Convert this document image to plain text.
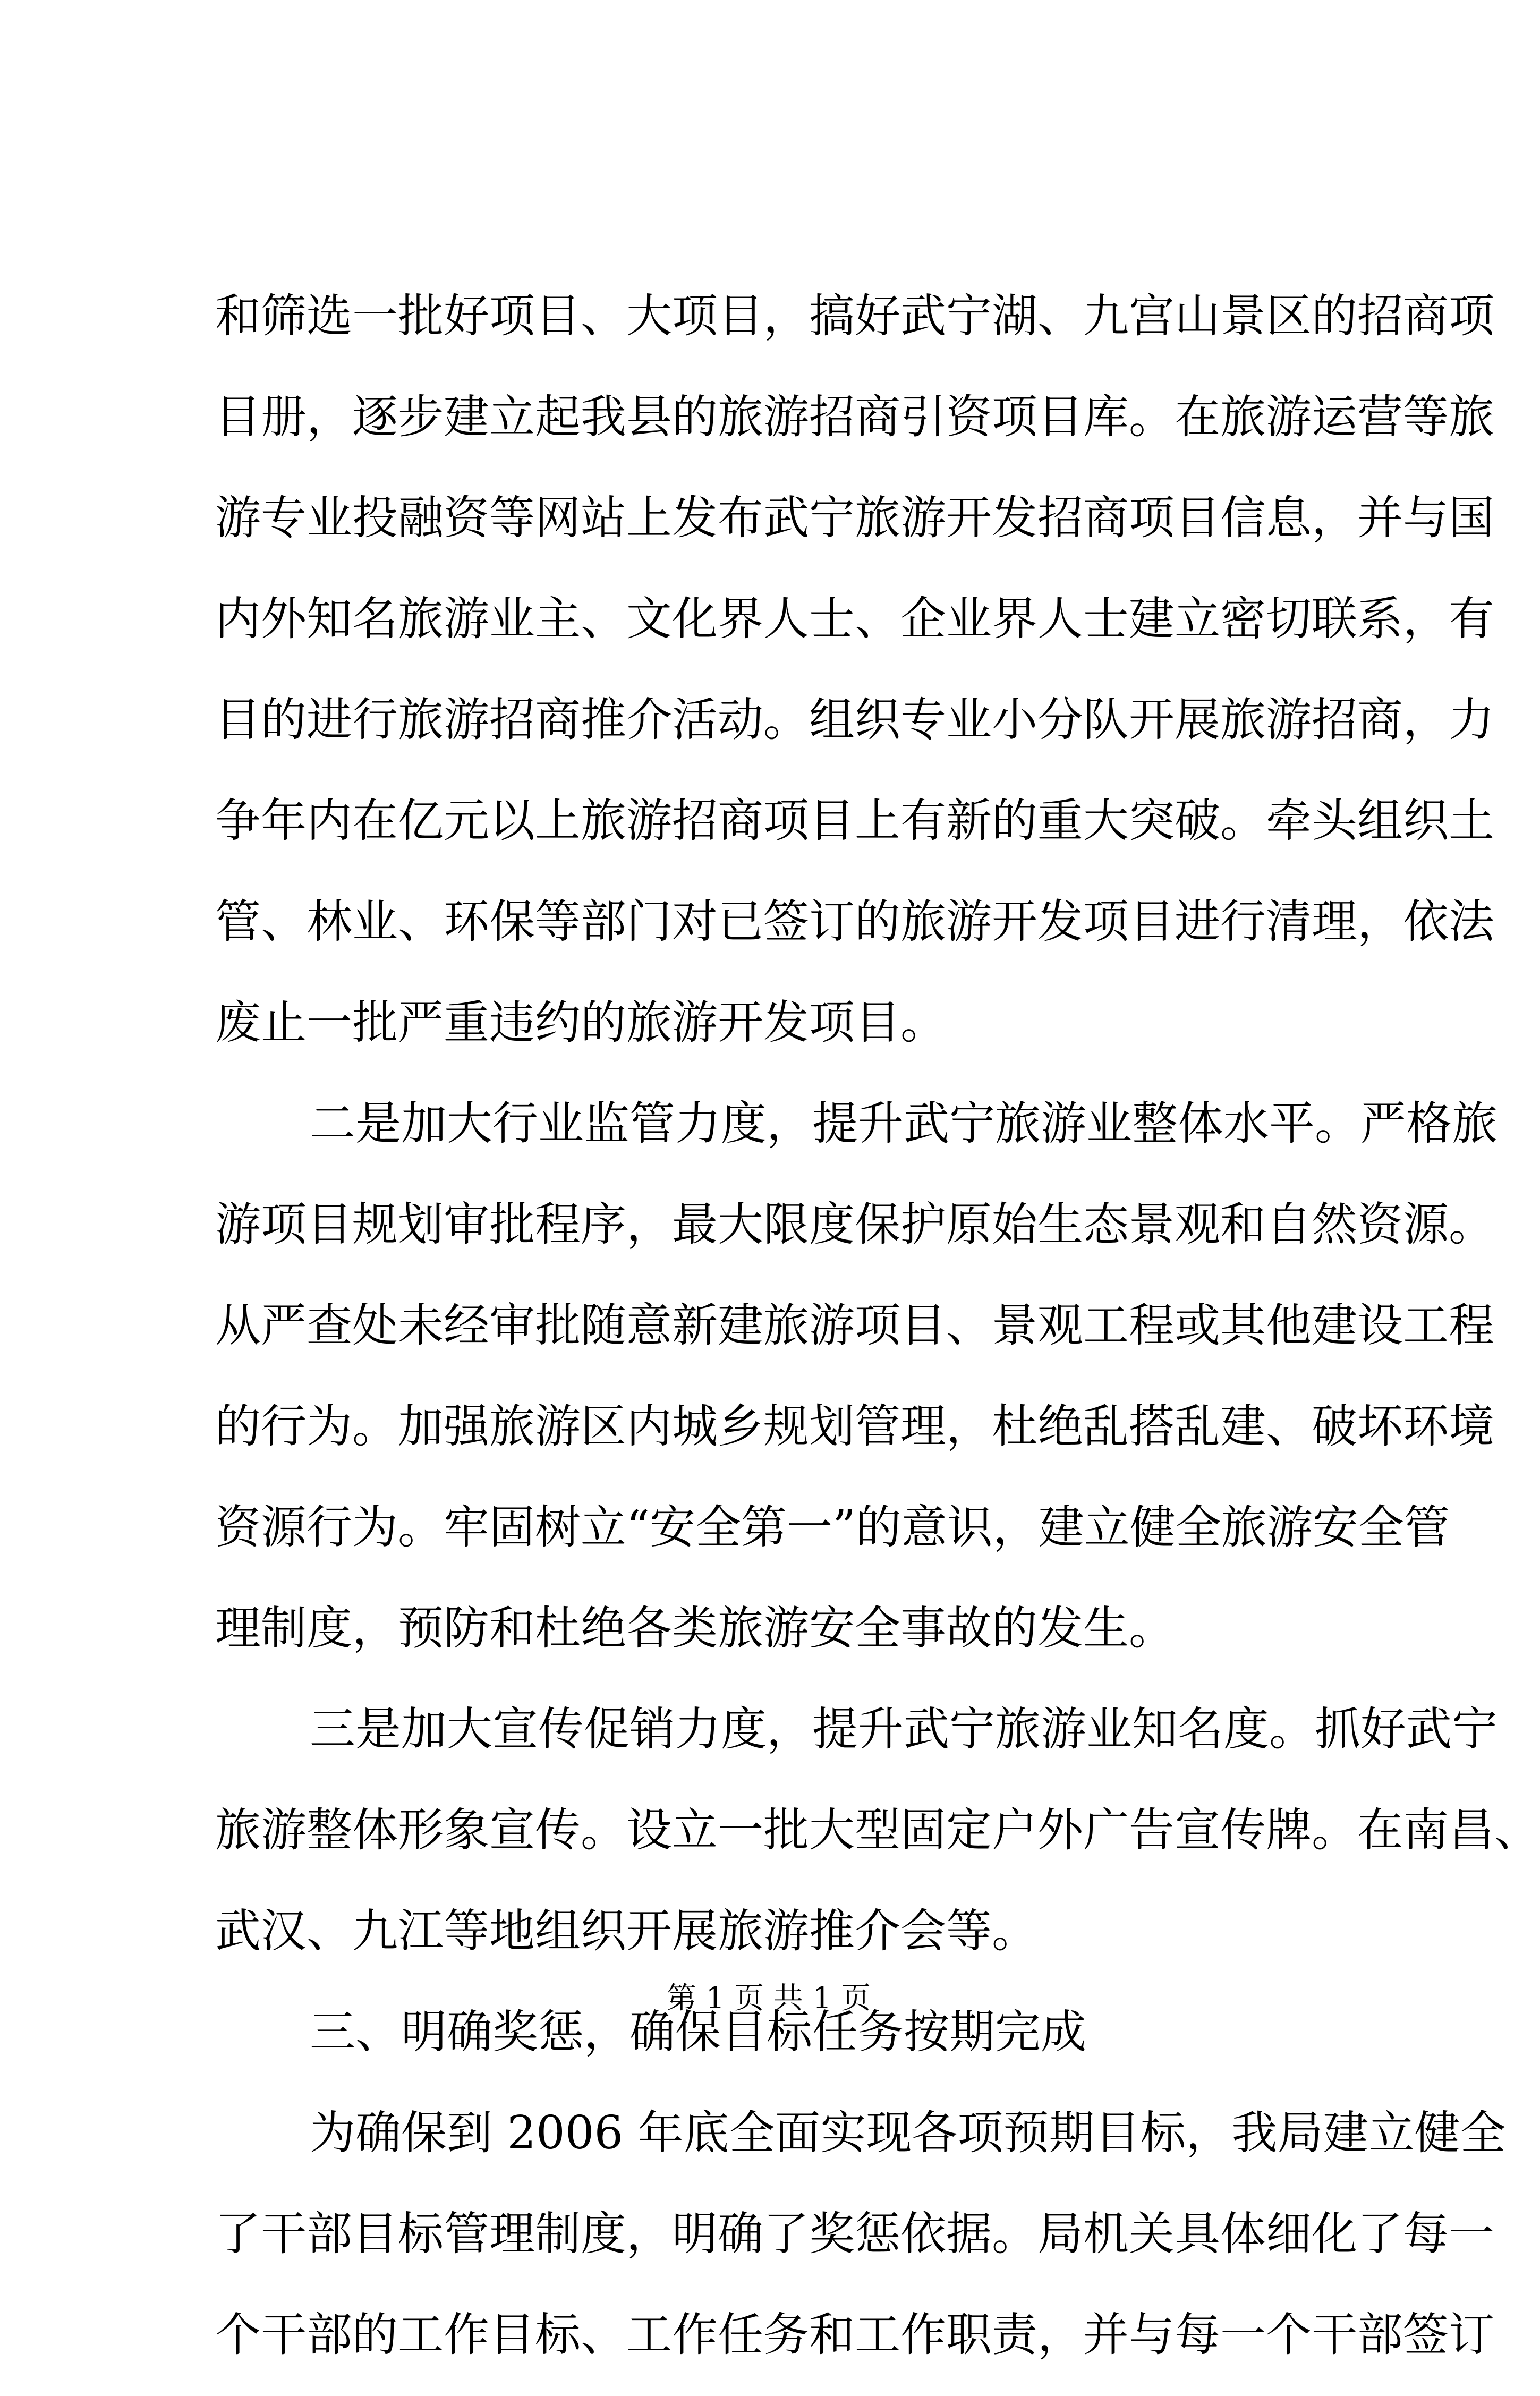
和筛选一批好项目、大项目，搞好武宁湖、九宫山景区的招商项
目册，逐步建立起我县的旅游招商引资项目库。在旅游运营等旅
游专业投融资等网站上发布武宁旅游开发招商项目信息，并与国
内外知名旅游业主、文化界人士、企业界人士建立密切联系，有
目的进行旅游招商推介活动。组织专业小分队开展旅游招商，力
争年内在亿元以上旅游招商项目上有新的重大突破。牵头组织土
管、林业、环保等部门对已签订的旅游开发项目进行清理，依法
废止一批严重违约的旅游开发项目。
二是加大行业监管力度，提升武宁旅游业整体水平。严格旅
游项目规划审批程序，最大限度保护原始生态景观和自然资源。
从严查处未经审批随意新建旅游项目、景观工程或其他建设工程
的行为。加强旅游区内城乡规划管理，杜绝乱搭乱建、破坏环境
资源行为。牢固树立“安全第一”的意识，建立健全旅游安全管
理制度，预防和杜绝各类旅游安全事故的发生。
三是加大宣传促销力度，提升武宁旅游业知名度。抓好武宁
旅游整体形象宣传。设立一批大型固定户外广告宣传牌。在南昌、
武汉、九江等地组织开展旅游推介会等。
三、明确奖惩，确保目标任务按期完成
为确保到 2006 年底全面实现各项预期目标，我局建立健全
了干部目标管理制度，明确了奖惩依据。局机关具体细化了每一
个干部的工作目标、工作任务和工作职责，并与每一个干部签订
第 1 页 共 1 页
